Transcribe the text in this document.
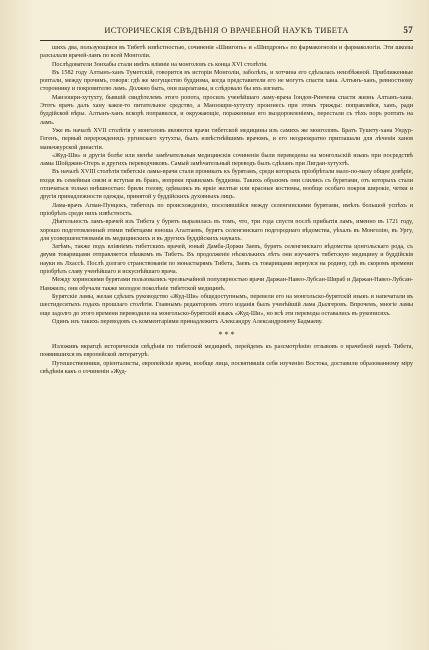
ИСТОРИЧЕСКІЯ СВѢДѢНІЯ О ВРАЧЕБНОЙ НАУКѢ ТИБЕТА	57

шихъ два, пользующіяся въ Тибетѣ извѣстностью, сочиненія «Шиигопъ» и «Шипдронъ» по фармакогнозіи и фармакологіи. Эти школы разсылали врачей-ламъ по всей Монголіи.

Послѣдователи Зонхабы стали имѣть вліяніе на монголовъ съ конца XVI столѣтія.

Въ 1582 году Алтынъ-ханъ Туметскій, говорится въ исторіи Монголіи, заболѣлъ, и хотчина его сдѣлалась неизбѣжной. Приближенные роптали, между прочимъ, говоря: гдѣ же могущество буддизма, когда представители его не могутъ спасти хана. Алтынъ-ханъ, ревностному стороннику и покровителю ламъ. Должно быть, они шарлатаны, и слѣдовало бы ихъ изгнать.

Манзошри-хутухту, бывшій свидѣтелемъ этого ропота, просилъ ученѣйшаго ламу-врача Іондон-Ринчена спасти жизнь Алтынъ-хана. Этотъ врачъ далъ хану какое-то питательное средство, а Манзошри-хутухту произнесъ при этомъ трижды: поправляйся, ханъ, ради буддійской вѣры. Алтынъ-ханъ вскорѣ поправился, и окружающіе, пораженные его выздоровленіемъ, перестали съ тѣхъ поръ роптать на ламъ.

Уже въ началѣ XVII столѣтія у монголовъ являются врачи тибетской медицины изъ самихъ же монголовъ. Братъ Тушету-хана Ундур-Гегенъ, первый перерожденецъ ургинскаго хутухты, былъ извѣстнѣйшимъ врачомъ, и его неоднократно приглашали для лѣченія ханов маньчжурской династіи.

«Жуд-Ши» и другія болѣе или менѣе замѣчательныя медицинскія сочиненія были переведены на монгольскій языкъ при посредствѣ ламы Шойджин-Отеръ и другихъ переводчиковъ. Самый замѣчательный переводъ былъ сдѣланъ при Лигдан-хутухтѣ.

Въ началѣ XVIII столѣтія тибетскіе ламы-врачи стали проникать къ бурятамъ, среди которыхъ пріобрѣтали мало-по-малу общее довѣріе, входя въ семейныя связи и вступая въ бракъ, вопреки правиламъ буддизма. Такихъ образомъ они слились съ бурятами, отъ которыхъ стали отличаться только внѣшностью: брили голову, одѣвались въ яркіе желтые или красные костюмы, вообще особаго покроя широкіе, четки и другія принадлежности одежды, принятой у буддійскихъ духовныхъ лицъ.

Лама-врачъ Агван-Пунцокъ, тибетецъ по происхожденію, поселившійся между селенгинскими бурятами, имѣлъ большой успѣхъ и пріобрѣлъ среди нихъ извѣстность.

Дѣятельность ламъ-врачей изъ Тибета у бурятъ выразилась въ томъ, что, три года спустя послѣ прибытія ламъ, именно въ 1721 году, хорошо подготовленный этими тибетцами юноша Агалтаевъ, бурятъ селенгинскаго подгороднаго вѣдомства, уѣхалъ въ Монголію, въ Ургу, для усовершенствованія въ медицинскихъ и въ другихъ буддійскихъ наукахъ.

Затѣмъ, также подъ вліяніемъ тибетскихъ врачей, юный Дамба-Доржи Заевъ, бурятъ селенгинскаго вѣдомства цонгольскаго рода, съ двумя товарищами отправляется пѣшкомъ въ Тибетъ. Въ продолженіе нѣсколькихъ лѣтъ они изучаютъ тибетскую медицину и буддійскія науки въ Лхассѣ. Послѣ долгаго странствованія по монастырямъ Тибета, Заевъ съ товарищами вернулся на родину, гдѣ въ скоромъ времени пріобрѣлъ славу ученѣйшаго и искуснѣйшаго врача.

Между хоринскими бурятами пользовались чрезвычайной популярностью врачи Даржан-Навео-Лубсан-Шираб и Даржан-Навео-Лубсан-Намжилъ; они обучали также молодое поколѣніе тибетской медицинѣ.

Бурятскіе ламы, желая сдѣлать руководство «Жуд-Ши» общедоступнымъ, перевели его на монгольско-бурятскій языкъ и напечатали въ шестидесятыхъ годахъ прошлаго столѣтія. Главнымъ редакторомъ этого изданія былъ ученѣйшій лама Дылгеровъ. Впрочемъ, многіе ламы еще задолго до этого времени переводили на монгольско-бурятскій языкъ «Жуд-Ши», но всѣ эти переводы оставались въ рукописяхъ.

Одинъ изъ такихъ переводовъ съ комментаріями принадлежитъ Александру Александровичу Бадмаеву.

* * *

Изложивъ вкратцѣ историческія свѣдѣнія по тибетской медицинѣ, перейдемъ къ разсмотрѣнію отзывовъ о врачебной наукѣ Тибета, появившихся въ европейской литературѣ.

Путешественники, оріенталисты, европейскіе врачи, вообще лица, посвятившія себя изученію Востока, доставили образованному міру свѣдѣнія какъ о сочиненіи «Жуд-
